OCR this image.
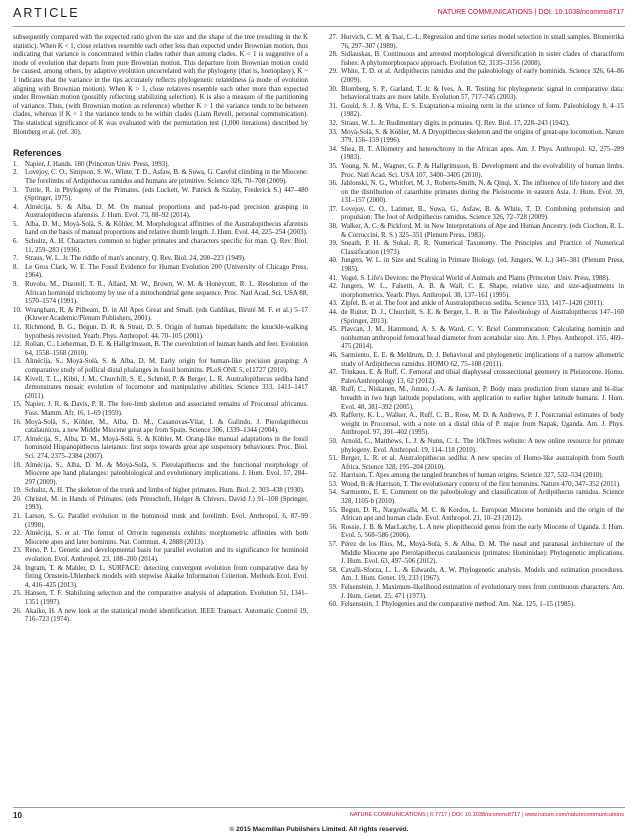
ARTICLE	NATURE COMMUNICATIONS | DOI: 10.1038/ncomms8717

subsequently compared with the expected ratio given the size and the shape of the tree (resulting in the K statistic). When K < 1, close relatives resemble each other less than expected under Brownian motion, thus indicating that variance is concentrated within clades rather than among clades. K < 1 is suggestive of a mode of evolution that departs from pure Brownian motion. This departure from Brownian motion could be caused, among others, by adaptive evolution uncorrelated with the phylogeny (that is, homoplasy). K ~ 1 indicates that the variance in the tips accurately reflects phylogenetic relatedness (a mode of evolution aligning with Brownian motion). When K > 1, close relatives resemble each other more than expected under Brownian motion (possibly reflecting stabilizing selection). K is also a measure of the partitioning of variance. Thus, (with Brownian motion as reference) whether K > 1 the variance tends to be between clades, whereas if K < 1 the variance tends to be within clades (Liam Revell, personal communication). The statistical significance of K was evaluated with the permutation test (1,000 iterations) described by Blomberg et al. (ref. 30).

References
1. Napier, J. Hands. 180 (Princeton Univ. Press, 1993).
2. Lovejoy, C. O., Simpson, S. W., White, T. D., Asfaw, B. & Suwa, G. Careful climbing in the Miocene: The forelimbs of Ardipithecus ramidus and humans are primitive. Science 326, 70–708 (2009).
3. Tuttle, R. in Phylogeny of the Primates. (eds Luckett, W. Patrick & Szalay, Frederick S.) 447–480 (Springer, 1975).
4. Almécija, S. & Alba, D. M. On manual proportions and pad-to-pad precision grasping in Australopithecus afarensis. J. Hum. Evol. 73, 88–92 (2014).
5. Alba, D. M., Moyà-Solà, S. & Köhler, M. Morphological affinities of the Australopithecus afarensis hand on the basis of manual proportions and relative thumb length. J. Hum. Evol. 44, 225–254 (2003).
6. Schultz, A. H. Characters common to higher primates and characters specific for man. Q. Rev. Biol. 11, 259–283 (1936).
7. Straus, W. L. Jr. The riddle of man's ancestry. Q. Rev. Biol. 24, 200–223 (1949).
8. Le Gros Clark, W. E. The Fossil Evidence for Human Evolution 200 (University of Chicago Press, 1964).
9. Ruvolo, M., Disotell, T. R., Allard, M. W., Brown, W. M. & Honeycutt, R. L. Resolution of the African hominoid trichotomy by use of a mitochondrial gene sequence. Proc. Natl Acad. Sci. USA 88, 1570–1574 (1991).
10. Wrangham, R. & Pilbeam, D. in All Apes Great and Small. (eds Galdikas, Biruté M. F. et al.) 5–17 (Kluwer Academic/Plenum Publishers, 2001).
11. Richmond, B. G., Begun, D. R. & Strait, D. S. Origin of human bipedalism: the knuckle-walking hypothesis revisited. Yearb. Phys. Anthropol. 44, 70–105 (2001).
12. Rolian, C., Lieberman, D. E. & Hallgrímsson, B. The coevolution of human hands and feet. Evolution 64, 1558–1568 (2010).
13. Almécija, S., Moyà-Solà, S. & Alba, D. M. Early origin for human-like precision grasping: A comparative study of pollical distal phalanges in fossil hominins. PLoS ONE 5, e11727 (2010).
14. Kivell, T. L., Kibii, J. M., Churchill, S. E., Schmid, P. & Berger, L. R. Australopithecus sediba hand demonstrates mosaic evolution of locomotor and manipulative abilities. Science 333, 1411–1417 (2011).
15. Napier, J. R. & Davis, P. R. The fore-limb skeleton and associated remains of Proconsul africanus. Foss. Mamm. Afr. 16, 1–69 (1959).
16. Moyà-Solà, S., Köhler, M., Alba, D. M., Casanovas-Vilar, I. & Galindo, J. Pierolapithecus catalaunicus, a new Middle Miocene great ape from Spain. Science 306, 1339–1344 (2004).
17. Almécija, S., Alba, D. M., Moyà-Solà, S. & Köhler, M. Orang-like manual adaptations in the fossil hominoid Hispanopithecus laietanus: first steps towards great ape suspensory behaviours. Proc. Biol. Sci. 274, 2375–2384 (2007).
18. Almécija, S., Alba, D. M. & Moyà-Solà, S. Pierolapithecus and the functional morphology of Miocene ape hand phalanges: paleobiological and evolutionary implications. J. Hum. Evol. 57, 284–297 (2009).
19. Schultz, A. H. The skeleton of the trunk and limbs of higher primates. Hum. Biol. 2, 303–438 (1930).
20. Christel, M. in Hands of Primates. (eds Preuschoft, Holger & Chivers, David J.) 91–108 (Springer, 1993).
21. Larson, S. G. Parallel evolution in the hominoid trunk and forelimb. Evol. Anthropol. 6, 87–99 (1998).
22. Almécija, S. et al. The femur of Orrorin tugenensis exhibits morphometric affinities with both Miocene apes and later hominins. Nat. Commun. 4, 2888 (2013).
23. Reno, P. L. Genetic and developmental basis for parallel evolution and its significance for hominoid evolution. Evol. Anthropol. 23, 188–200 (2014).
24. Ingram, T. & Mahler, D. L. SURFACE: detecting convergent evolution from comparative data by fitting Ornstein-Uhlenbeck models with stepwise Akaike Information Criterion. Methods Ecol. Evol. 4, 416–425 (2013).
25. Hansen, T. F. Stabilizing selection and the comparative analysis of adaptation. Evolution 51, 1341–1351 (1997).
26. Akaike, H. A new look at the statistical model identification. IEEE Transact. Automatic Control 19, 716–723 (1974).
27. Hurvich, C. M. & Tsai, C.-L. Regression and time series model selection in small samples. Biometrika 76, 297–307 (1989).
28. Sidlauskas, B. Continuous and arrested morphological diversification in sister clades of characiform fishes: A phylomorphospace approach. Evolution 62, 3135–3156 (2008).
29. White, T. D. et al. Ardipithecus ramidus and the paleobiology of early hominids. Science 326, 64–86 (2009).
30. Blomberg, S. P., Garland, T. Jr. & Ives, A. R. Testing for phylogenetic signal in comparative data: behavioral traits are more labile. Evolution 57, 717–745 (2003).
31. Gould, S. J. & Vrba, E. S. Exaptation-a missing term in the science of form. Paleobiology 8, 4–15 (1982).
32. Straus, W. L. Jr. Rudimentary digits in primates. Q. Rev. Biol. 17, 228–243 (1942).
33. Moyà-Solà, S. & Köhler, M. A Dryopithecus skeleton and the origins of great-ape locomotion. Nature 379, 156–159 (1996).
34. Shea, B. T. Allometry and heterochrony in the African apes. Am. J. Phys. Anthropol. 62, 275–289 (1983).
35. Young, N. M., Wagner, G. P. & Hallgrímsson, B. Development and the evolvability of human limbs. Proc. Natl Acad. Sci. USA 107, 3400–3405 (2010).
36. Jablonski, N. G., Whitfort, M. J., Roberts-Smith, N. & Qinqi, X. The influence of life history and diet on the distribution of catarrhine primates during the Pleistocene in eastern Asia. J. Hum. Evol. 39, 131–157 (2000).
37. Lovejoy, C. O., Latimer, B., Suwa, G., Asfaw, B. & White, T. D. Combining prehension and propulsion: The foot of Ardipithecus ramidus. Science 326, 72–728 (2009).
38. Walker, A. C. & Pickford, M. in New Interpretations of Ape and Human Ancestry. (eds Ciochon, R. L. & Corruccini, R. S.) 325–351 (Plenum Press, 1983).
39. Sneath, P. H. & Sokal, R. R. Numerical Taxonomy. The Principles and Practice of Numerical Classification (1973).
40. Jungers, W. L. in Size and Scaling in Primate Biology. (ed. Jungers, W. L.) 345–381 (Plenum Press, 1985).
41. Vogel, S. Life's Devices: the Physical World of Animals and Plants (Princeton Univ. Press, 1988).
42. Jungers, W. L., Falsetti, A. B. & Wall, C. E. Shape, relative size, and size-adjustments in morphometrics. Yearb. Phys. Anthropol. 38, 137–161 (1995).
43. Zipfel, B. et al. The foot and ankle of Australopithecus sediba. Science 333, 1417–1420 (2011).
44. de Ruiter, D. J., Churchill, S. E. & Berger, L. R. in The Paleobiology of Australopithecus 147–160 (Springer, 2013).
45. Plavcan, J. M., Hammond, A. S. & Ward, C. V. Brief Communication: Calculating hominin and nonhuman anthropoid femoral head diameter from acetabular size. Am. J. Phys. Anthropol. 155, 469–475 (2014).
46. Sarmiento, E. E. & Meldrum, D. J. Behavioral and phylogenetic implications of a narrow allometric study of Ardipithecus ramidus. HOMO 62, 75–108 (2011).
47. Trinkaus, E. & Ruff, C. Femoral and tibial diaphyseal crosssectional geometry in Pleistocene. Homo. PaleoAnthropology 13, 62 (2012).
48. Ruff, C., Niskanen, M., Junno, J.-A. & Jamison, P. Body mass prediction from stature and bi-iliac breadth in two high latitude populations, with application to earlier higher latitude humans. J. Hum. Evol. 48, 381–392 (2005).
49. Rafferty, K. L., Walker, A., Ruff, C. B., Rose, M. D. & Andrews, P. J. Postcranial estimates of body weight in Proconsul, with a note on a distal tibia of P. major from Napak, Uganda. Am. J. Phys. Anthropol. 97, 391–402 (1995).
50. Arnold, C., Matthews, L. J. & Nunn, C. L. The 10kTrees website: A new online resource for primate phylogeny. Evol. Anthropol. 19, 114–118 (2010).
51. Berger, L. R. et al. Australopithecus sediba: A new species of Homo-like australopith from South Africa. Science 328, 195–204 (2010).
52. Harrison, T. Apes among the tangled branches of human origins. Science 327, 532–534 (2010).
53. Wood, B. & Harrison, T. The evolutionary context of the first hominins. Nature 470, 347–352 (2011).
54. Sarmiento, E. E. Comment on the paleobiology and classification of Ardipithecus ramidus. Science 328, 1105-b (2010).
55. Begun, D. R., Nargolwalla, M. C. & Kordos, L. European Miocene hominids and the origin of the African ape and human clade. Evol. Anthropol. 21, 10–23 (2012).
56. Rossie, J. B. & MacLatchy, L. A new pliopithecoid genus from the early Miocene of Uganda. J. Hum. Evol. 5, 568–586 (2006).
57. Pérez de los Ríos, M., Moyà-Solà, S. & Alba, D. M. The nasal and paranasal architecture of the Middle Miocene ape Pierolapithecus catalaunicus (primates: Hominidae): Phylogenetic implications. J. Hum. Evol. 63, 497–506 (2012).
58. Cavalli-Sforza, L. L. & Edwards, A. W. Phylogenetic analysis. Models and estimation procedures. Am. J. Hum. Genet. 19, 233 (1967).
59. Felsenstein, J. Maximum-likelihood estimation of evolutionary trees from continuous characters. Am. J. Hum. Genet. 25, 471 (1973).
60. Felsenstein, J. Phylogenies and the comparative method. Am. Nat. 125, 1–15 (1985).
10	NATURE COMMUNICATIONS | 6:7717 | DOI: 10.1038/ncomms8717 | www.nature.com/naturecommunications
© 2015 Macmillan Publishers Limited. All rights reserved.
